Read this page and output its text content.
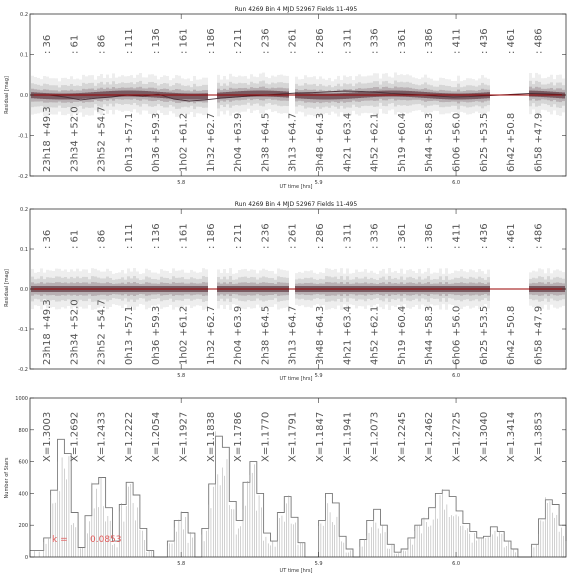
Run 4269 Bin 4 MJD 52967 Fields 11-495
-0.2
-0.1
0.0
0.1
0.2
5.8	5.9	6.0
: 36 : 61 : 86 : 111 : 136 : 161 : 186 : 211 : 236 : 261 : 286 : 311 : 336 : 361 : 386 : 411 : 436 : 461 : 486
23h18 +49.3 23h34 +52.0 23h52 +54.7 0h13 +57.1 0h36 +59.3 1h02 +61.2 1h32 +62.7 2h04 +63.9 2h38 +64.5 3h13 +64.7 3h48 +64.3 4h21 +63.4 4h52 +62.1 5h19 +60.4 5h44 +58.3 6h06 +56.0 6h25 +53.5 6h42 +50.8 6h58 +47.9
UT time [hrs]
Residual [mag]
Run 4269 Bin 4 MJD 52967 Fields 11-495
-0.2
-0.1
0.0
0.1
0.2
5.8	5.9	6.0
: 36 : 61 : 86 : 111 : 136 : 161 : 186 : 211 : 236 : 261 : 286 : 311 : 336 : 361 : 386 : 411 : 436 : 461 : 486
23h18 +49.3 23h34 +52.0 23h52 +54.7 0h13 +57.1 0h36 +59.3 1h02 +61.2 1h32 +62.7 2h04 +63.9 2h38 +64.5 3h13 +64.7 3h48 +64.3 4h21 +63.4 4h52 +62.1 5h19 +60.4 5h44 +58.3 6h06 +56.0 6h25 +53.5 6h42 +50.8 6h58 +47.9
UT time [hrs]
Residual [mag]
0
200
400
600
800
1000
5.8	5.9	6.0
X=1.3003 X=1.2692 X=1.2433 X=1.2222 X=1.2054 X=1.1927 X=1.1838 X=1.1786 X=1.1770 X=1.1791 X=1.1847 X=1.1941 X=1.2073 X=1.2245 X=1.2462 X=1.2725 X=1.3040 X=1.3414 X=1.3853
k = 0.0853
UT time [hrs]
Number of Stars
